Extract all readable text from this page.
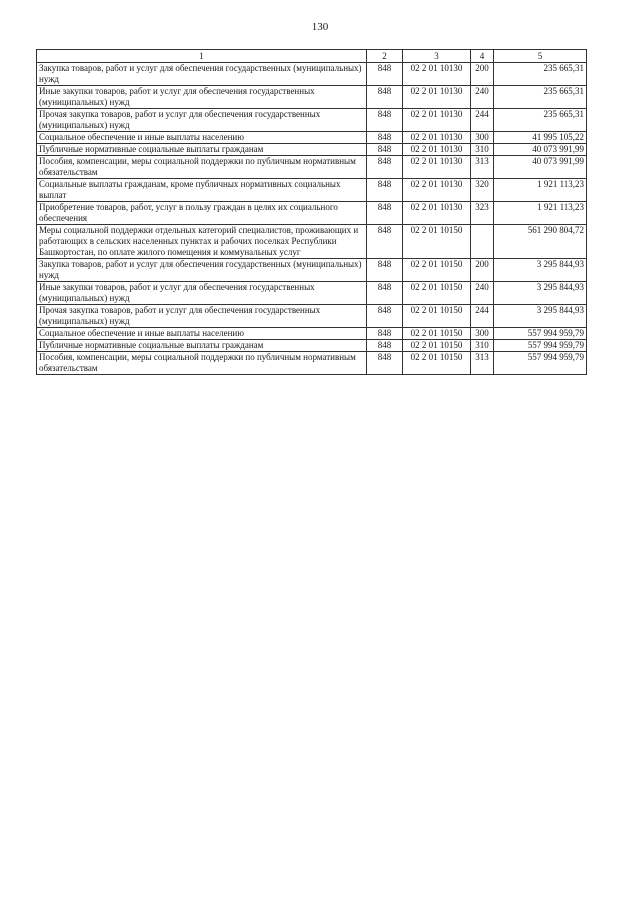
130
1	2	3	4	5
Закупка товаров, работ и услуг для обеспечения государственных (муниципальных) нужд	848	02 2 01 10130	200	235 665,31
Иные закупки товаров, работ и услуг для обеспечения государственных (муниципальных) нужд	848	02 2 01 10130	240	235 665,31
Прочая закупка товаров, работ и услуг для обеспечения государственных (муниципальных) нужд	848	02 2 01 10130	244	235 665,31
Социальное обеспечение и иные выплаты населению	848	02 2 01 10130	300	41 995 105,22
Публичные нормативные социальные выплаты гражданам	848	02 2 01 10130	310	40 073 991,99
Пособия, компенсации, меры социальной поддержки по публичным нормативным обязательствам	848	02 2 01 10130	313	40 073 991,99
Социальные выплаты гражданам, кроме публичных нормативных социальных выплат	848	02 2 01 10130	320	1 921 113,23
Приобретение товаров, работ, услуг в пользу граждан в целях их социального обеспечения	848	02 2 01 10130	323	1 921 113,23
Меры социальной поддержки отдельных категорий специалистов, проживающих и работающих в сельских населенных пунктах и рабочих поселках Республики Башкортостан, по оплате жилого помещения и коммунальных услуг	848	02 2 01 10150		561 290 804,72
Закупка товаров, работ и услуг для обеспечения государственных (муниципальных) нужд	848	02 2 01 10150	200	3 295 844,93
Иные закупки товаров, работ и услуг для обеспечения государственных (муниципальных) нужд	848	02 2 01 10150	240	3 295 844,93
Прочая закупка товаров, работ и услуг для обеспечения государственных (муниципальных) нужд	848	02 2 01 10150	244	3 295 844,93
Социальное обеспечение и иные выплаты населению	848	02 2 01 10150	300	557 994 959,79
Публичные нормативные социальные выплаты гражданам	848	02 2 01 10150	310	557 994 959,79
Пособия, компенсации, меры социальной поддержки по публичным нормативным обязательствам	848	02 2 01 10150	313	557 994 959,79
